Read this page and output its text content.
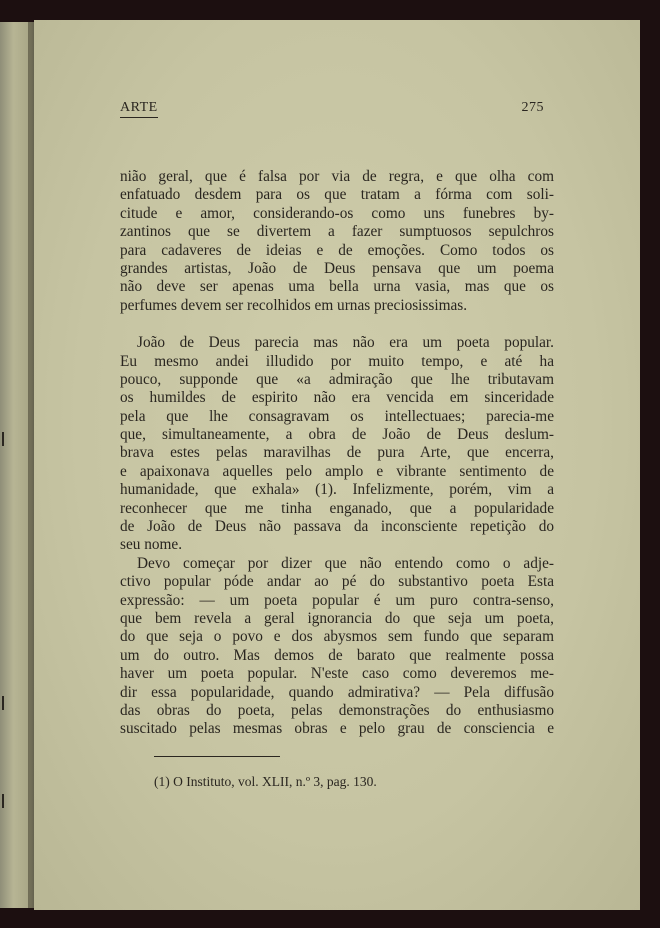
ARTE	275
nião geral, que é falsa por via de regra, e que olha com
enfatuado desdem para os que tratam a fórma com soli-
citude e amor, considerando-os como uns funebres by-
zantinos que se divertem a fazer sumptuosos sepulchros
para cadaveres de ideias e de emoções. Como todos os
grandes artistas, João de Deus pensava que um poema
não deve ser apenas uma bella urna vasia, mas que os
perfumes devem ser recolhidos em urnas preciosissimas.
João de Deus parecia mas não era um poeta popular.
Eu mesmo andei illudido por muito tempo, e até ha
pouco, supponde que «a admiração que lhe tributavam
os humildes de espirito não era vencida em sinceridade
pela que lhe consagravam os intellectuaes; parecia-me
que, simultaneamente, a obra de João de Deus deslum-
brava estes pelas maravilhas de pura Arte, que encerra,
e apaixonava aquelles pelo amplo e vibrante sentimento de
humanidade, que exhala» (1). Infelizmente, porém, vim a
reconhecer que me tinha enganado, que a popularidade
de João de Deus não passava da inconsciente repetição do
seu nome.
Devo começar por dizer que não entendo como o adje-
ctivo popular póde andar ao pé do substantivo poeta Esta
expressão: — um poeta popular é um puro contra-senso,
que bem revela a geral ignorancia do que seja um poeta,
do que seja o povo e dos abysmos sem fundo que separam
um do outro. Mas demos de barato que realmente possa
haver um poeta popular. N'este caso como deveremos me-
dir essa popularidade, quando admirativa? — Pela diffusão
das obras do poeta, pelas demonstrações do enthusiasmo
suscitado pelas mesmas obras e pelo grau de consciencia e
(1) O Instituto, vol. XLII, n.º 3, pag. 130.
